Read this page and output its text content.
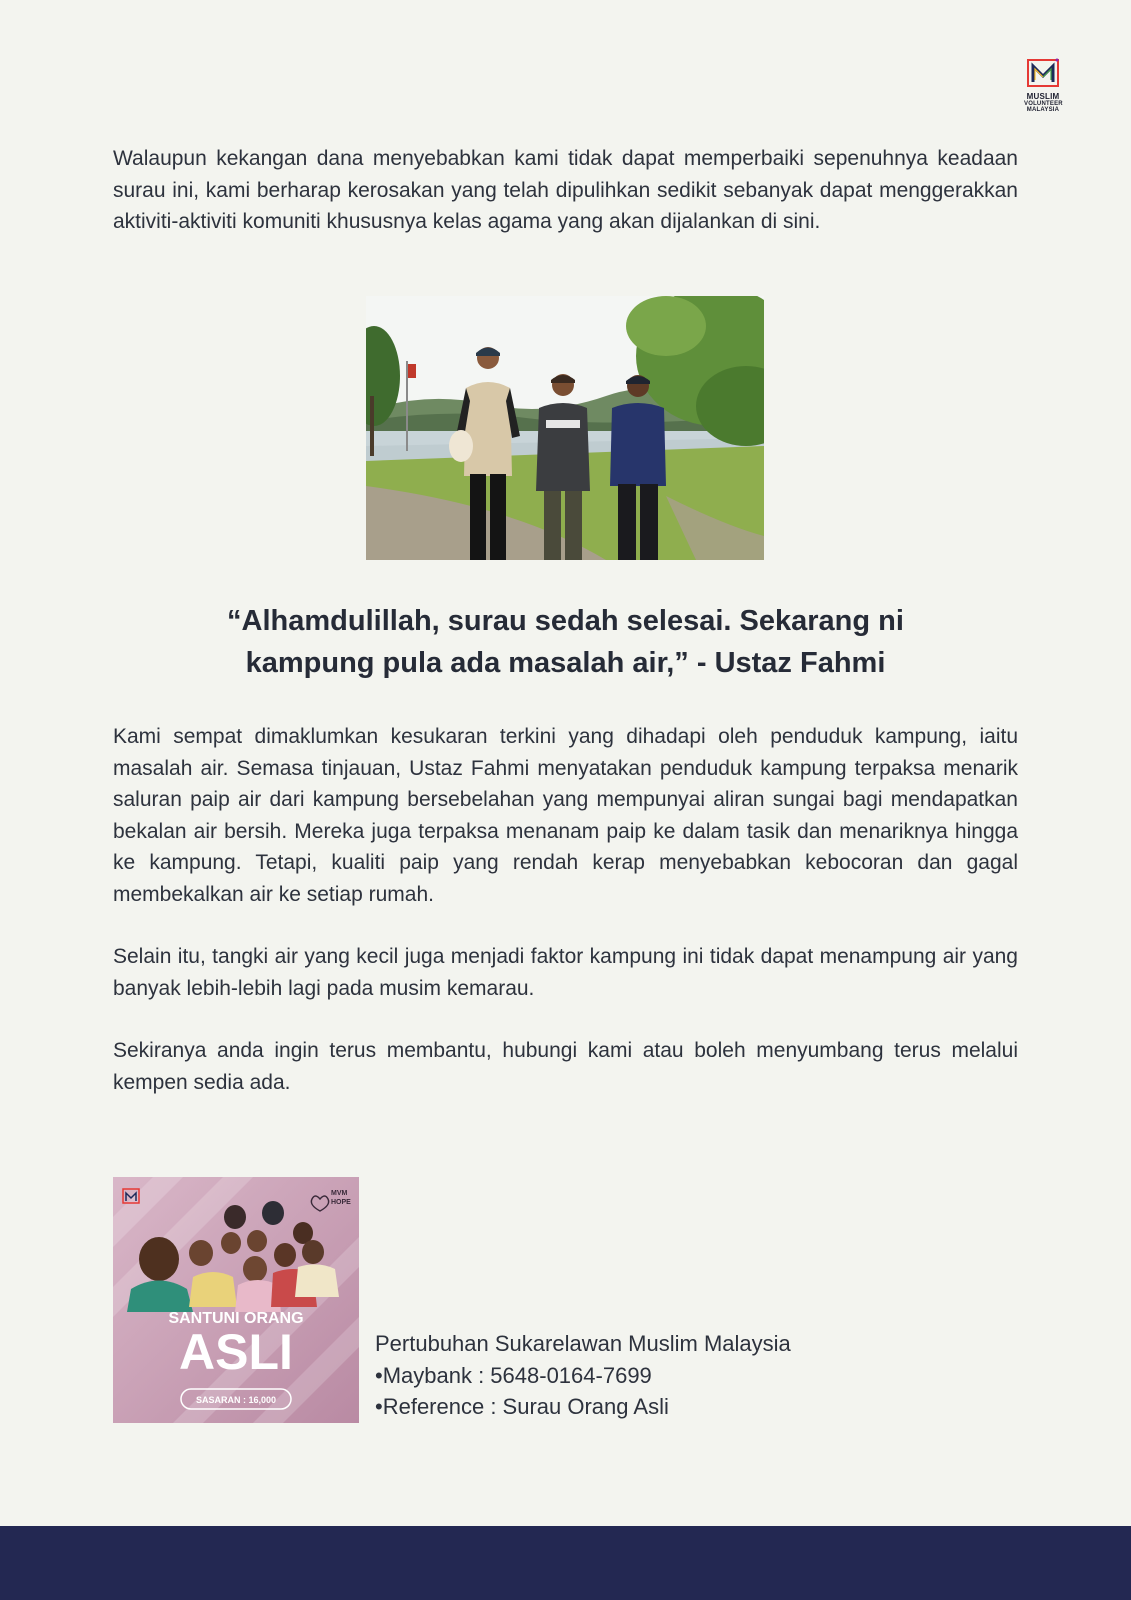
MUSLIM
VOLUNTEER
MALAYSIA

Walaupun kekangan dana menyebabkan kami tidak dapat memperbaiki sepenuhnya keadaan surau ini, kami berharap kerosakan yang telah dipulihkan sedikit sebanyak dapat menggerakkan aktiviti-aktiviti komuniti khususnya kelas agama yang akan dijalankan di sini.

“Alhamdulillah, surau sedah selesai. Sekarang ni
kampung pula ada masalah air,” - Ustaz Fahmi

Kami sempat dimaklumkan kesukaran terkini yang dihadapi oleh penduduk kampung, iaitu masalah air. Semasa tinjauan, Ustaz Fahmi menyatakan penduduk kampung terpaksa menarik saluran paip air dari kampung bersebelahan yang mempunyai aliran sungai bagi mendapatkan bekalan air bersih. Mereka juga terpaksa menanam paip ke dalam tasik dan menariknya hingga ke kampung. Tetapi, kualiti paip yang rendah kerap menyebabkan kebocoran dan gagal membekalkan air ke setiap rumah.

Selain itu, tangki air yang kecil juga menjadi faktor kampung ini tidak dapat menampung air yang banyak lebih-lebih lagi pada musim kemarau.

Sekiranya anda ingin terus membantu, hubungi kami atau boleh menyumbang terus melalui kempen sedia ada.

SANTUNI ORANG
ASLI
MVM
HOPE
SASARAN : 16,000
Pertubuhan Sukarelawan Muslim Malaysia
•Maybank : 5648-0164-7699
•Reference : Surau Orang Asli
